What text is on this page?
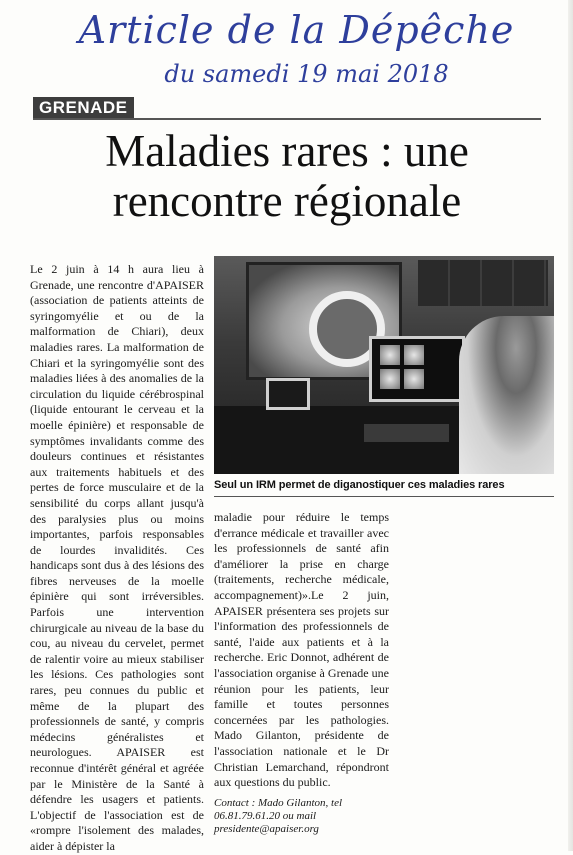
Article de la Dépêche

du samedi 19 mai 2018

GRENADE
Maladies rares : une rencontre régionale

Le 2 juin à 14 h aura lieu à Grenade, une rencontre d'APAISER (association de patients atteints de syringomyélie et ou de la malformation de Chiari), deux maladies rares. La malformation de Chiari et la syringomyélie sont des maladies liées à des anomalies de la circulation du liquide cérébrospinal (liquide entourant le cerveau et la moelle épinière) et responsable de symptômes invalidants comme des douleurs continues et résistantes aux traitements habituels et des pertes de force musculaire et de la sensibilité du corps allant jusqu'à des paralysies plus ou moins importantes, parfois responsables de lourdes invalidités. Ces handicaps sont dus à des lésions des fibres nerveuses de la moelle épinière qui sont irréversibles. Parfois une intervention chirurgicale au niveau de la base du cou, au niveau du cervelet, permet de ralentir voire au mieux stabiliser les lésions. Ces pathologies sont rares, peu connues du public et même de la plupart des professionnels de santé, y compris médecins généralistes et neurologues. APAISER est reconnue d'intérêt général et agréée par le Ministère de la Santé à défendre les usagers et patients. L'objectif de l'association est de «rompre l'isolement des malades, aider à dépister la

Seul un IRM permet de diganostiquer ces maladies rares

maladie pour réduire le temps d'errance médicale et travailler avec les professionnels de santé afin d'améliorer la prise en charge (traitements, recherche médicale, accompagnement)».Le 2 juin, APAISER présentera ses projets sur l'information des professionnels de santé, l'aide aux patients et à la recherche. Eric Donnot, adhérent de l'association organise à Grenade une réunion pour les patients, leur famille et toutes personnes concernées par les pathologies. Mado Gilanton, présidente de l'association nationale et le Dr Christian Lemarchand, répondront aux questions du public.

Contact : Mado Gilanton, tel 06.81.79.61.20 ou mail presidente@apaiser.org
